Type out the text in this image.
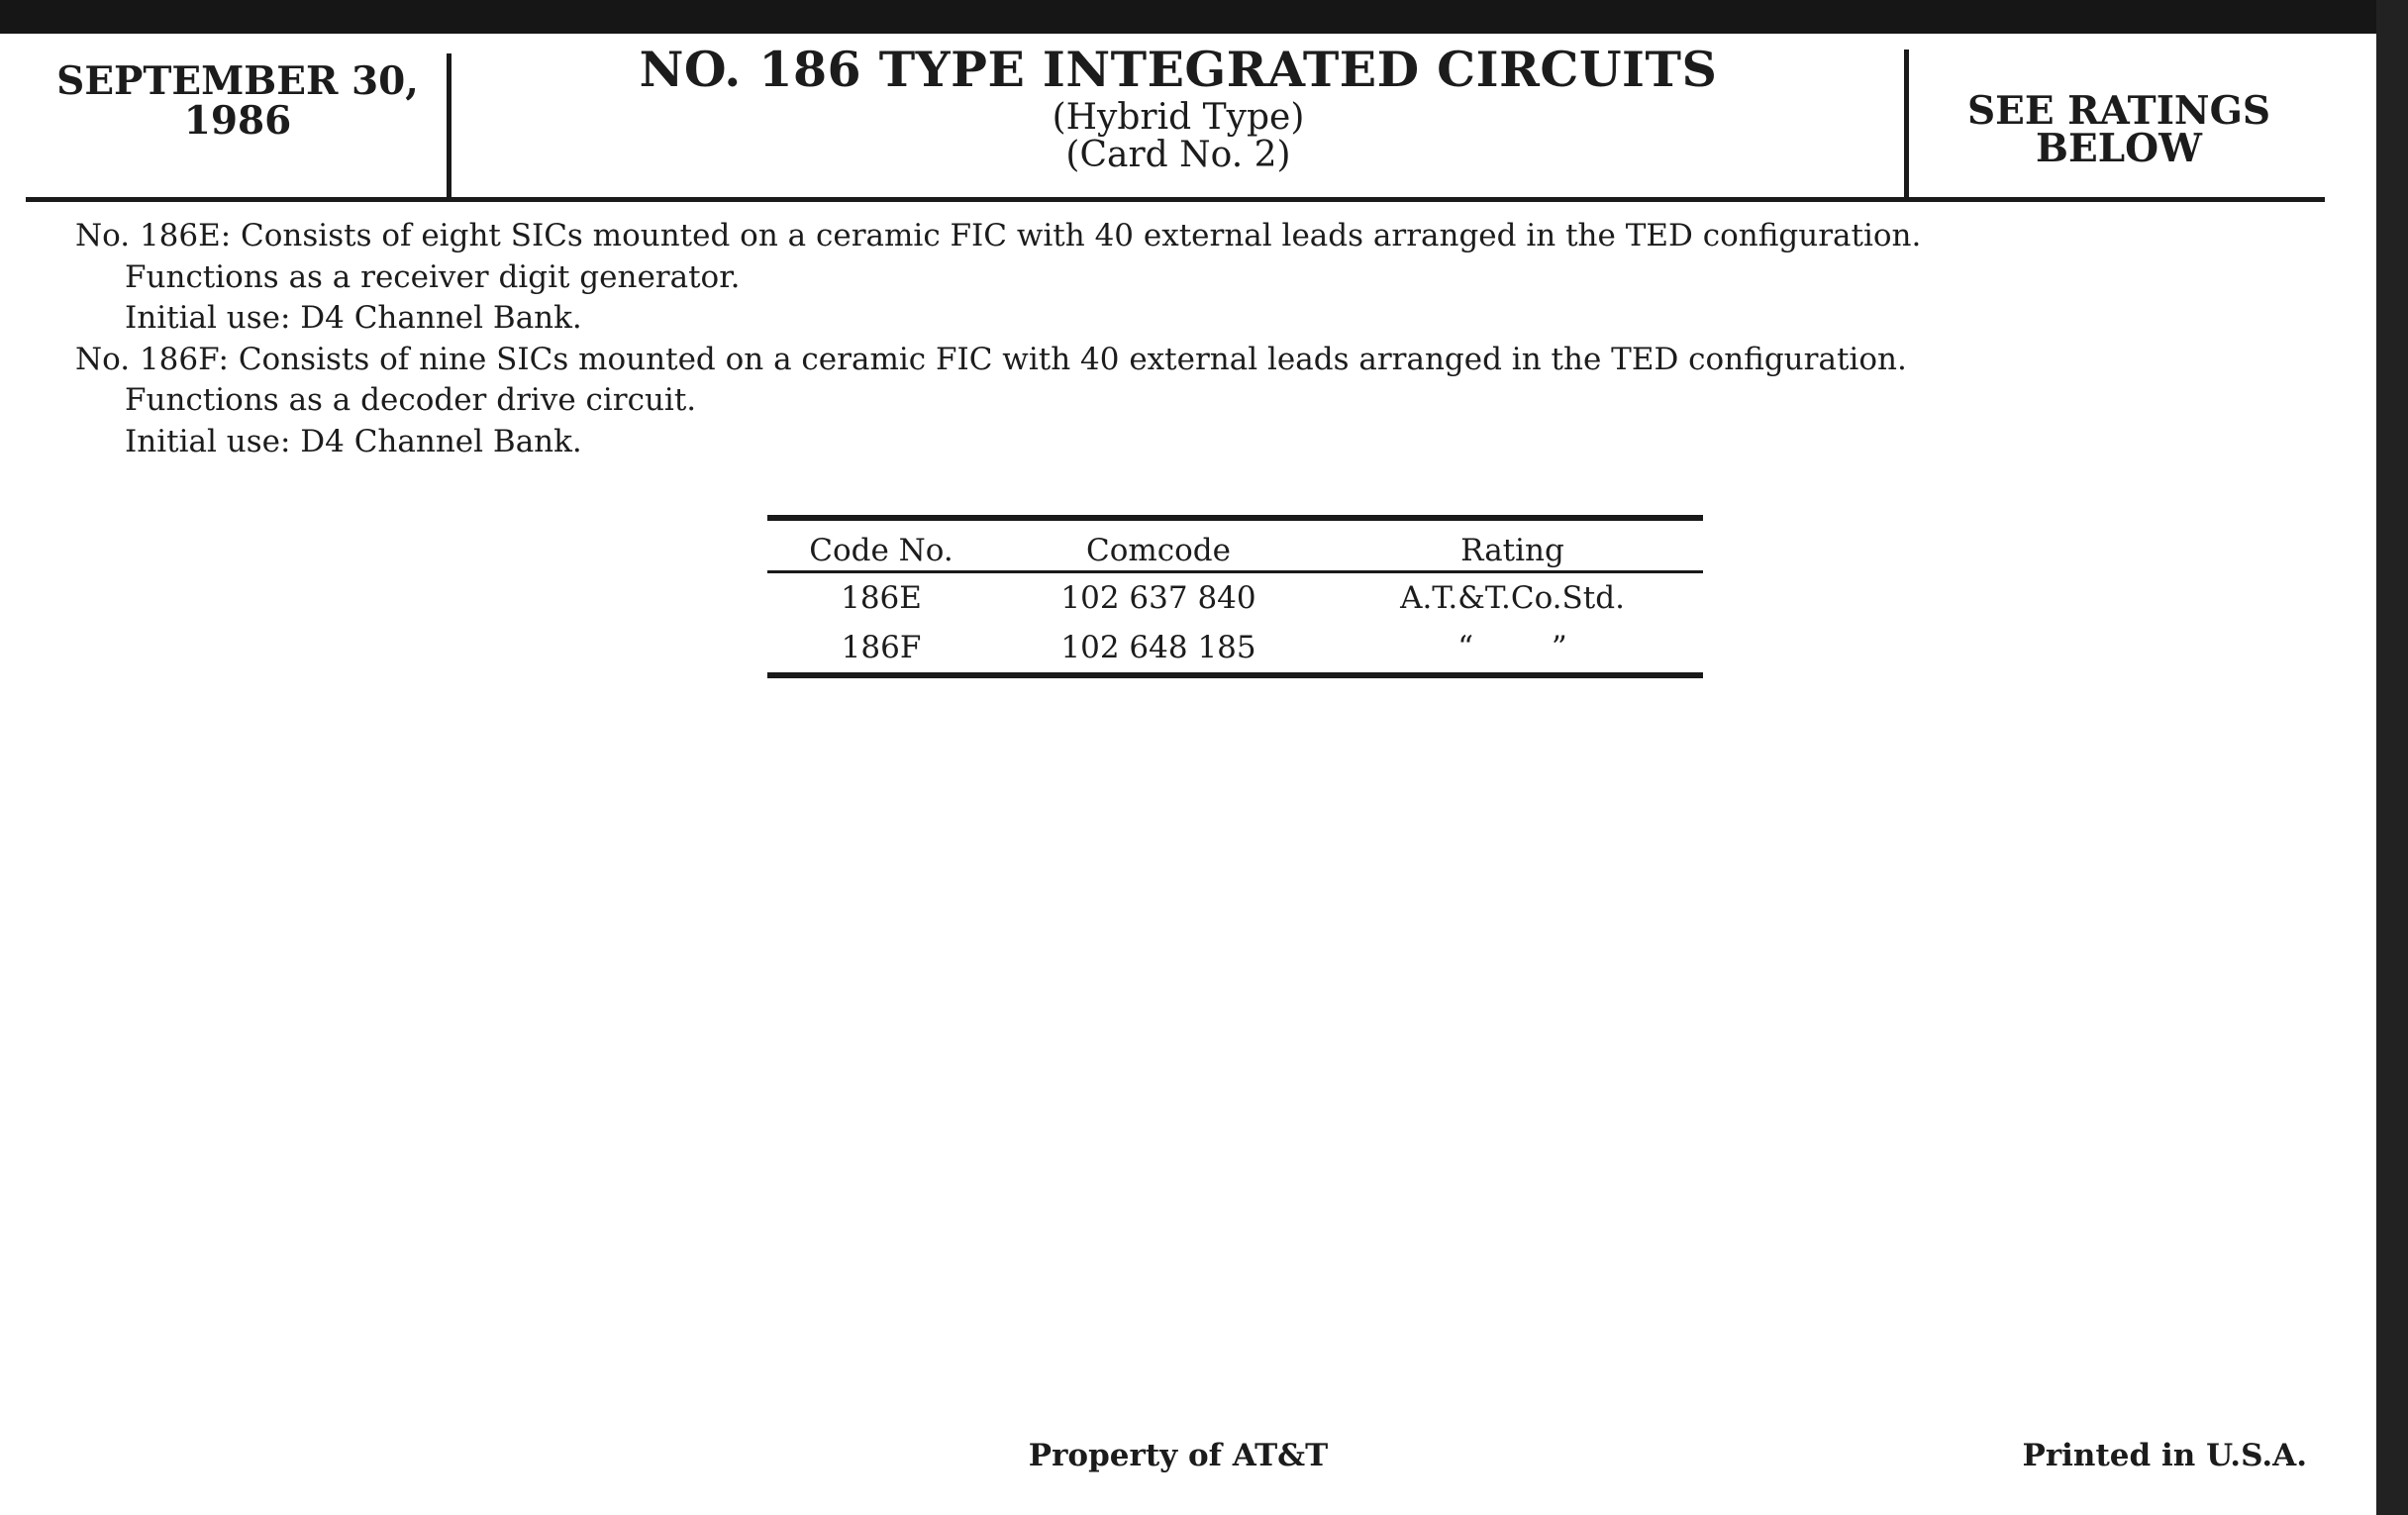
SEPTEMBER 30, 1986
NO. 186 TYPE INTEGRATED CIRCUITS
(Hybrid Type)
(Card No. 2)
SEE RATINGS BELOW

No. 186E: Consists of eight SICs mounted on a ceramic FIC with 40 external leads arranged in the TED configuration.

Functions as a receiver digit generator.

Initial use: D4 Channel Bank.

No. 186F: Consists of nine SICs mounted on a ceramic FIC with 40 external leads arranged in the TED configuration.

Functions as a decoder drive circuit.

Initial use: D4 Channel Bank.

Code No.	Comcode	Rating
186E	102 637 840	A.T.&T.Co.Std.
186F	102 648 185	“        ”
Property of AT&T	Printed in U.S.A.
